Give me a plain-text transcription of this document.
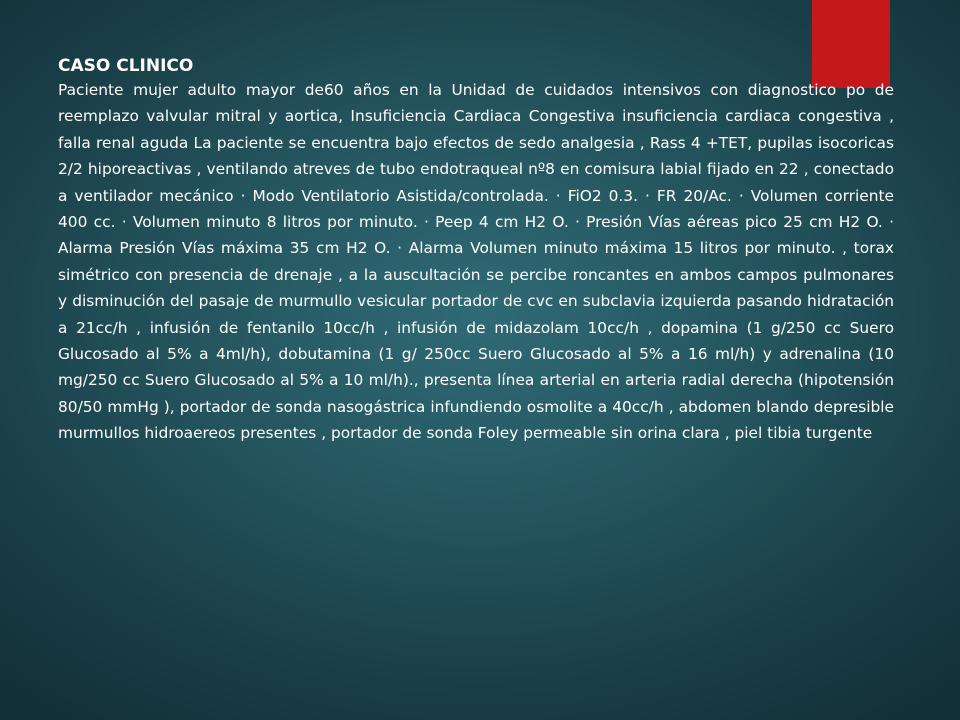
CASO CLINICO

Paciente mujer adulto mayor de60 años en la Unidad de cuidados intensivos con diagnostico po de reemplazo valvular mitral y aortica, Insuficiencia Cardiaca Congestiva insuficiencia cardiaca congestiva , falla renal aguda La paciente se encuentra bajo efectos de sedo analgesia , Rass 4 +TET, pupilas isocoricas 2/2 hiporeactivas , ventilando atreves de tubo endotraqueal nº8 en comisura labial fijado en 22 , conectado a ventilador mecánico · Modo Ventilatorio Asistida/controlada. · FiO2 0.3. · FR 20/Ac. · Volumen corriente 400 cc. · Volumen minuto 8 litros por minuto. · Peep 4 cm H2 O. · Presión Vías aéreas pico 25 cm H2 O. · Alarma Presión Vías máxima 35 cm H2 O. · Alarma Volumen minuto máxima 15 litros por minuto. , torax simétrico con presencia de drenaje , a la auscultación se percibe roncantes en ambos campos pulmonares y disminución del pasaje de murmullo vesicular portador de cvc en subclavia izquierda pasando hidratación a 21cc/h , infusión de fentanilo 10cc/h , infusión de midazolam 10cc/h , dopamina (1 g/250 cc Suero Glucosado al 5% a 4ml/h), dobutamina (1 g/ 250cc Suero Glucosado al 5% a 16 ml/h) y adrenalina (10 mg/250 cc Suero Glucosado al 5% a 10 ml/h)., presenta línea arterial en arteria radial derecha (hipotensión 80/50 mmHg ), portador de sonda nasogástrica infundiendo osmolite a 40cc/h , abdomen blando depresible murmullos hidroaereos presentes , portador de sonda Foley permeable sin orina clara , piel tibia turgente
